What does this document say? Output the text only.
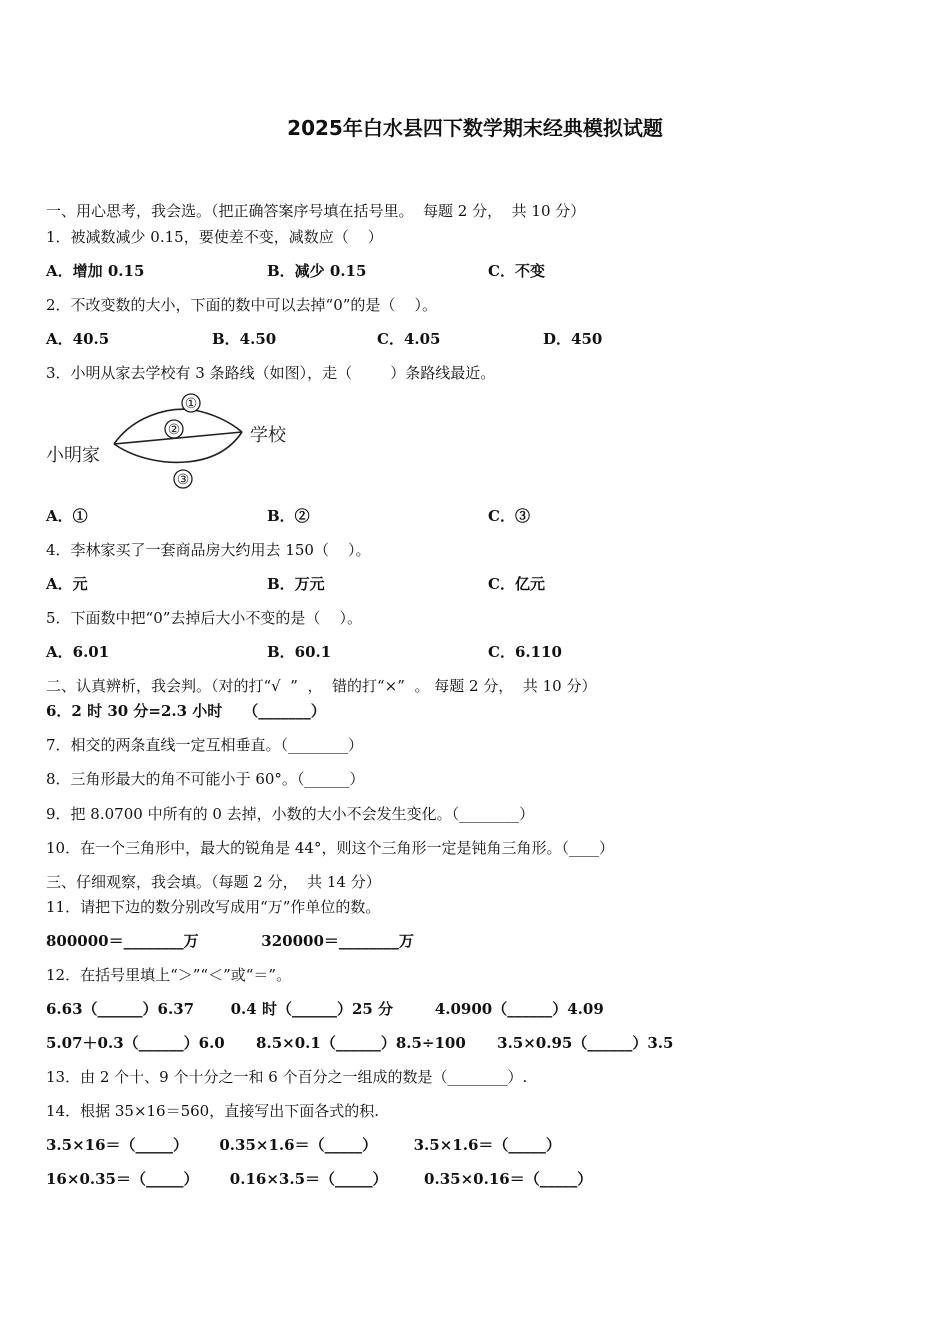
2025年白水县四下数学期末经典模拟试题
一、用心思考，我会选。（把正确答案序号填在括号里。  每题 2 分，  共 10 分）
1．被减数减少 0.15，要使差不变，减数应（    ）
A．增加 0.15	B．减少 0.15	C．不变
2．不改变数的大小，下面的数中可以去掉“0”的是（    ）。
A．40.5	B．4.50	C．4.05	D．450
3．小明从家去学校有 3 条路线（如图），走（        ）条路线最近。
小明家
学校
①
②
③
A．①	B．②	C．③
4．李林家买了一套商品房大约用去 150（    ）。
A．元	B．万元	C．亿元
5．下面数中把“0”去掉后大小不变的是（    ）。
A．6.01	B．60.1	C．6.110
二、认真辨析，我会判。（对的打“√  ”  ，  错的打“×”  。 每题 2 分，  共 10 分）
6．2 时 30 分=2.3 小时    （_______）
7．相交的两条直线一定互相垂直。（________）
8．三角形最大的角不可能小于 60°。（______）
9．把 8.0700 中所有的 0 去掉，小数的大小不会发生变化。（________）
10．在一个三角形中，最大的锐角是 44°，则这个三角形一定是钝角三角形。（____）
三、仔细观察，我会填。（每题 2 分，  共 14 分）
11．请把下边的数分别改写成用“万”作单位的数。
800000＝________万            320000＝________万
12．在括号里填上“＞”“＜”或“＝”。
6.63（______）6.37       0.4 时（______）25 分        4.0900（______）4.09
5.07＋0.3（______）6.0      8.5×0.1（______）8.5÷100      3.5×0.95（______）3.5
13．由 2 个十、9 个十分之一和 6 个百分之一组成的数是（________）.
14．根据 35×16＝560，直接写出下面各式的积.
3.5×16＝（_____）      0.35×1.6＝（_____）       3.5×1.6＝（_____）
16×0.35＝（_____）      0.16×3.5＝（_____）       0.35×0.16＝（_____）
